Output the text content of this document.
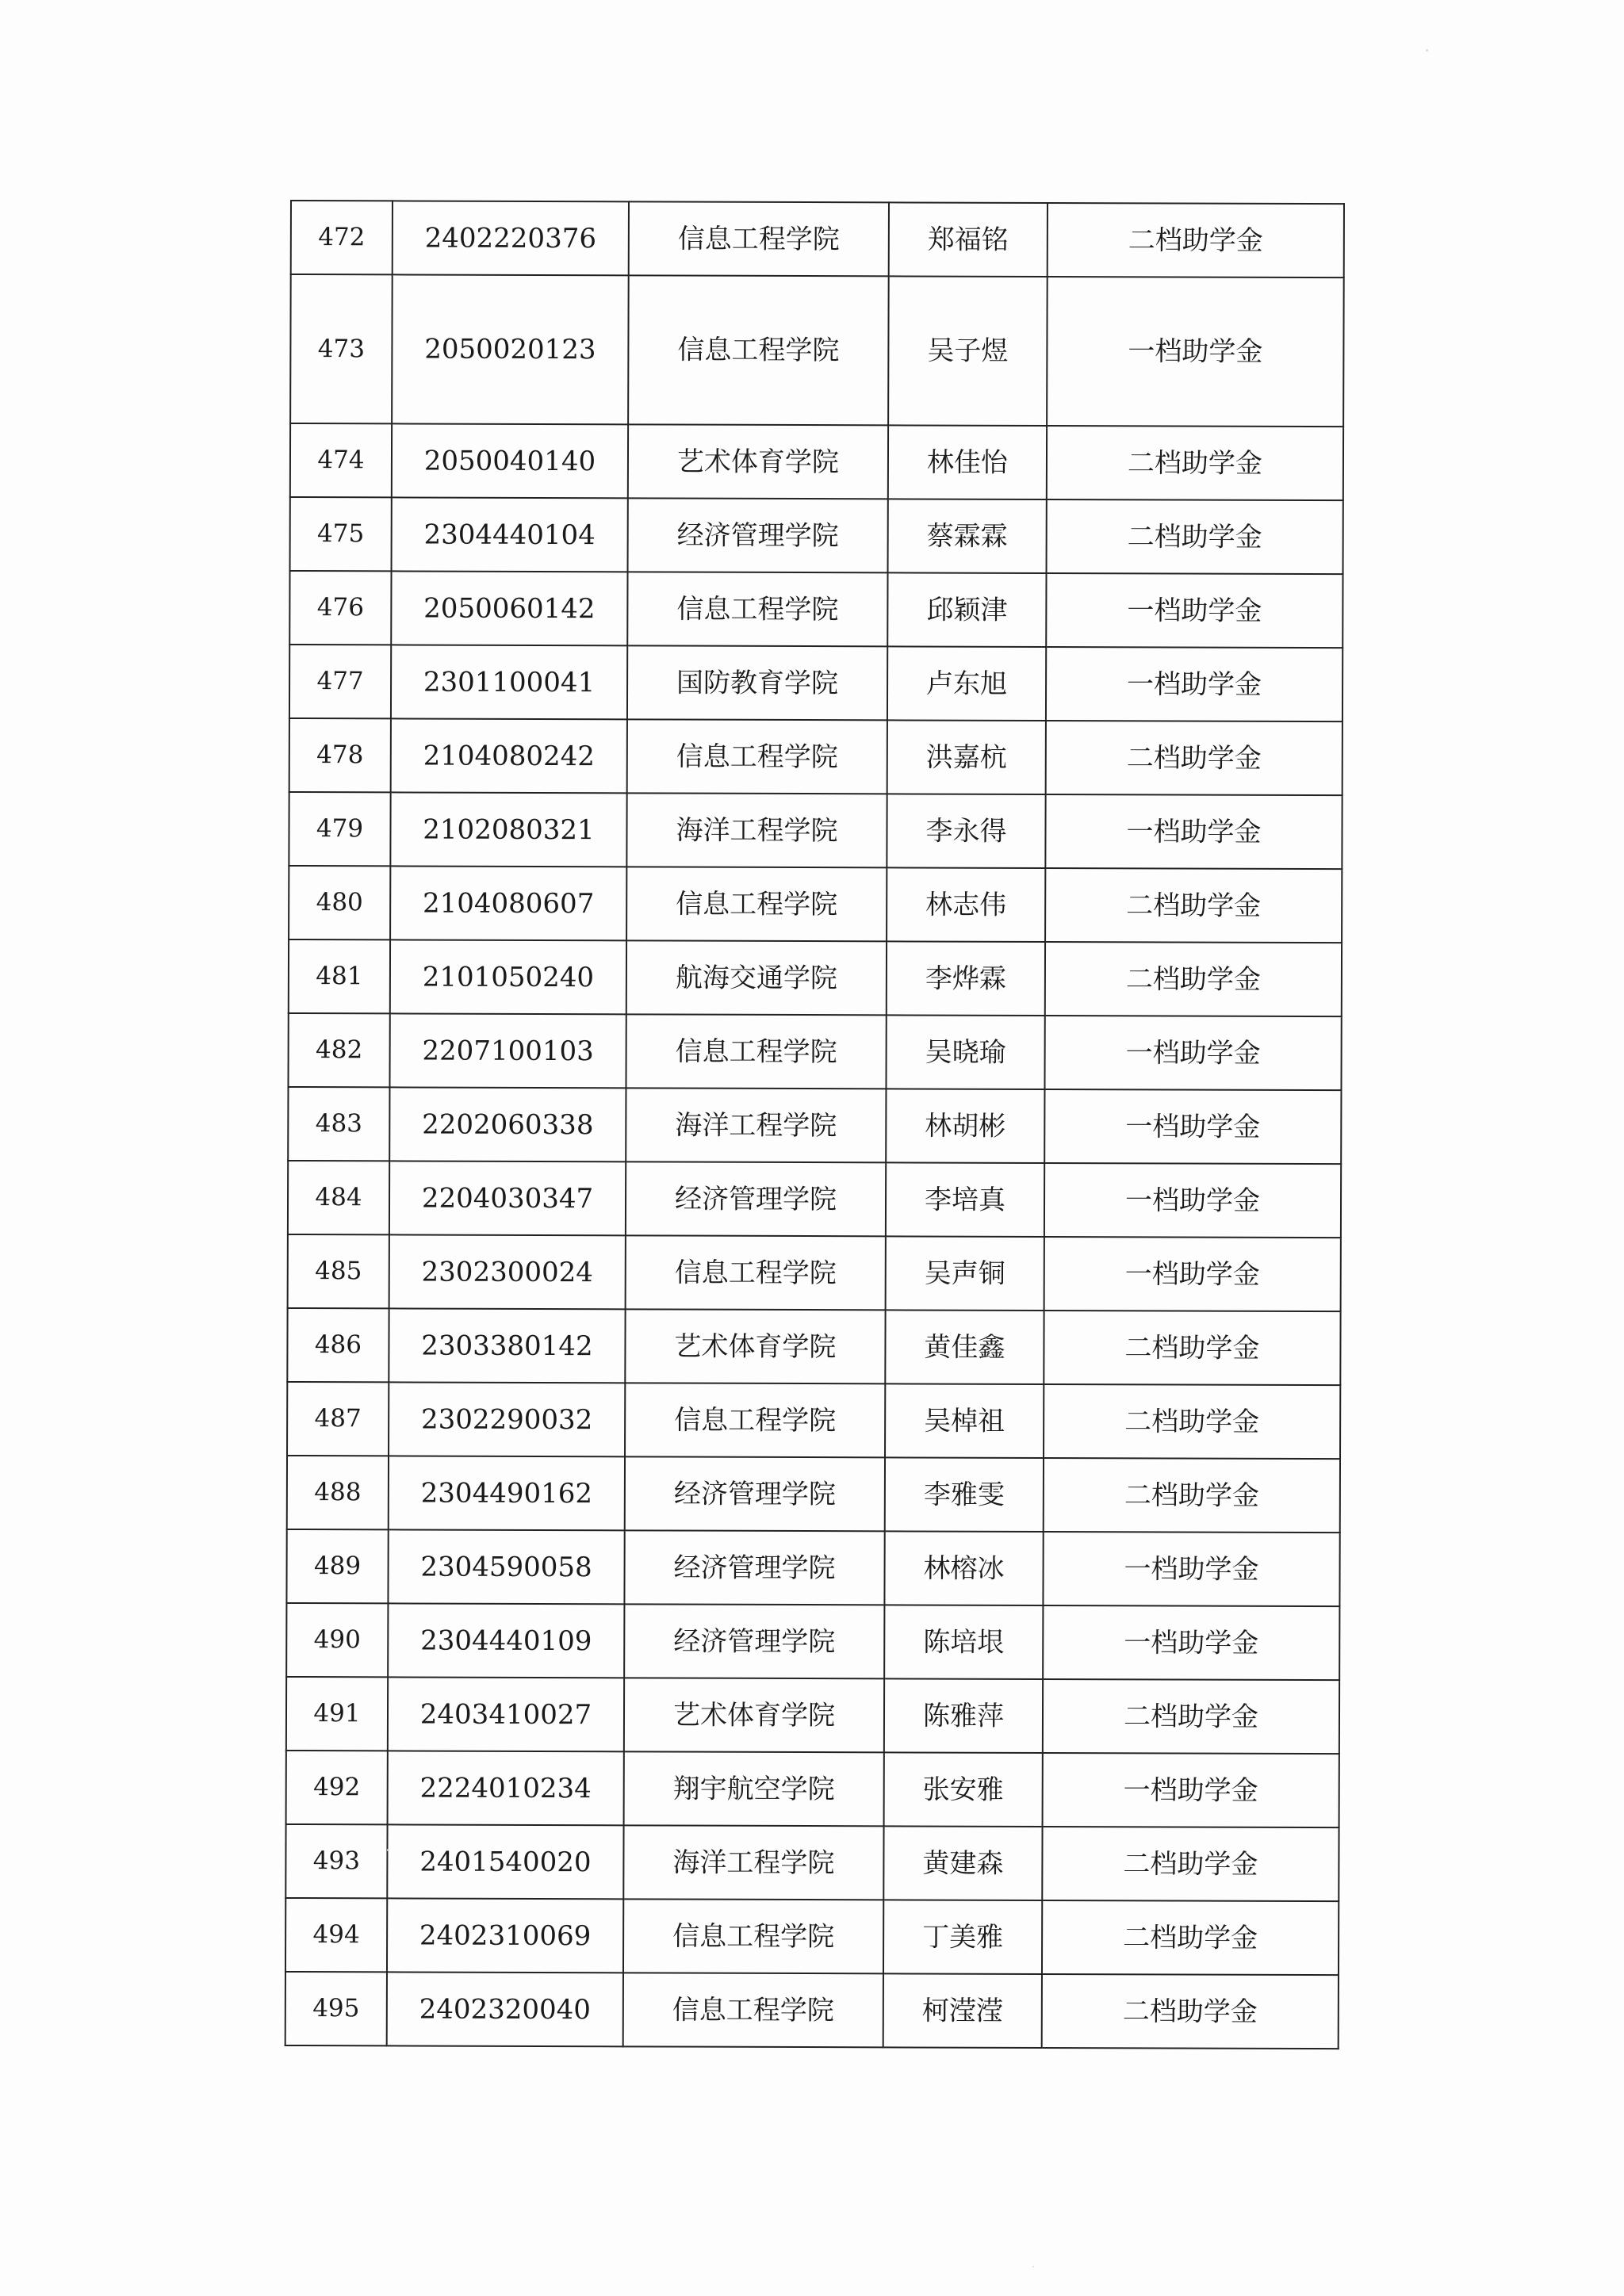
472	2402220376	信息工程学院	郑福铭	二档助学金
473	2050020123	信息工程学院	吴子煜	一档助学金
474	2050040140	艺术体育学院	林佳怡	二档助学金
475	2304440104	经济管理学院	蔡霖霖	二档助学金
476	2050060142	信息工程学院	邱颖津	一档助学金
477	2301100041	国防教育学院	卢东旭	一档助学金
478	2104080242	信息工程学院	洪嘉杭	二档助学金
479	2102080321	海洋工程学院	李永得	一档助学金
480	2104080607	信息工程学院	林志伟	二档助学金
481	2101050240	航海交通学院	李烨霖	二档助学金
482	2207100103	信息工程学院	吴晓瑜	一档助学金
483	2202060338	海洋工程学院	林胡彬	一档助学金
484	2204030347	经济管理学院	李培真	一档助学金
485	2302300024	信息工程学院	吴声铜	一档助学金
486	2303380142	艺术体育学院	黄佳鑫	二档助学金
487	2302290032	信息工程学院	吴棹祖	二档助学金
488	2304490162	经济管理学院	李雅雯	二档助学金
489	2304590058	经济管理学院	林榕冰	一档助学金
490	2304440109	经济管理学院	陈培垠	一档助学金
491	2403410027	艺术体育学院	陈雅萍	二档助学金
492	2224010234	翔宇航空学院	张安雅	一档助学金
493	2401540020	海洋工程学院	黄建森	二档助学金
494	2402310069	信息工程学院	丁美雅	二档助学金
495	2402320040	信息工程学院	柯滢滢	二档助学金
